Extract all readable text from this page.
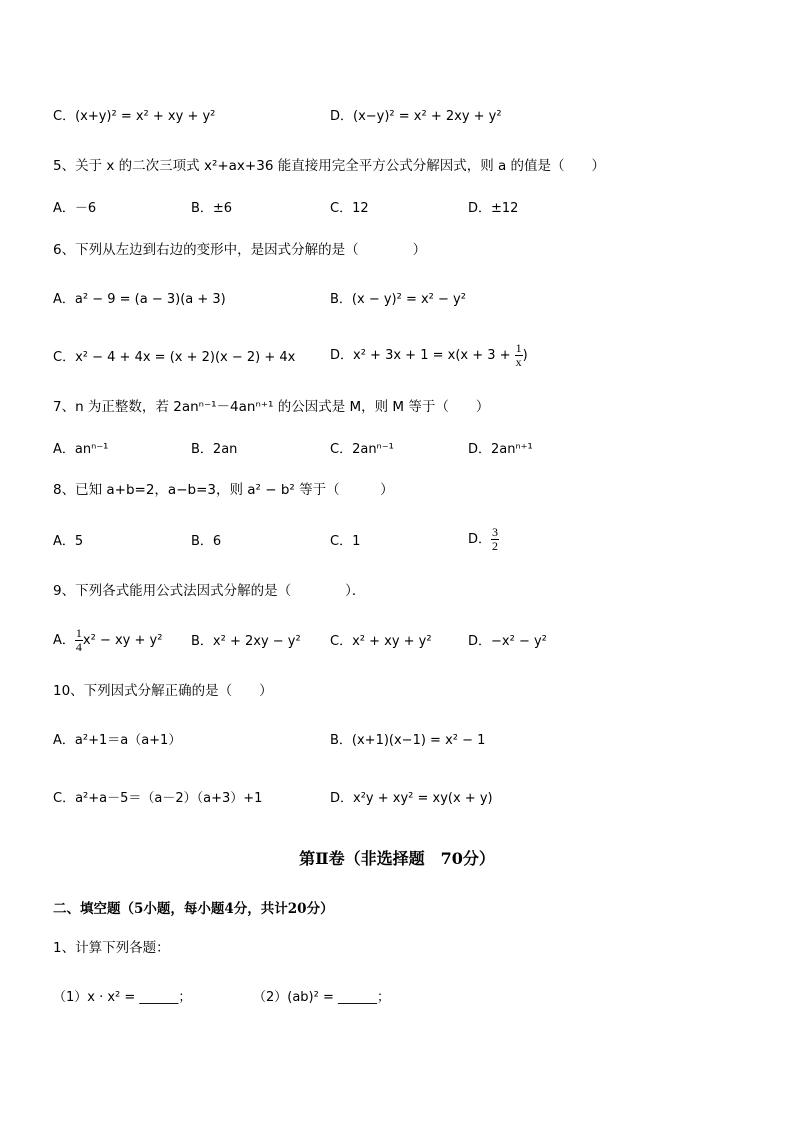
C．(x+y)² = x² + xy + y²	D．(x−y)² = x² + 2xy + y²
5、关于 x 的二次三项式 x²+ax+36 能直接用完全平方公式分解因式，则 a 的值是（　　）
A．－6	B．±6	C．12	D．±12
6、下列从左边到右边的变形中，是因式分解的是（　　　　）
A．a² − 9 = (a − 3)(a + 3)	B．(x − y)² = x² − y²
C．x² − 4 + 4x = (x + 2)(x − 2) + 4x	D．$x^2 + 3x + 1 = x(x + 3 + \frac{1}{x}$ )
7、n 为正整数，若 2anⁿ⁻¹－4anⁿ⁺¹ 的公因式是 M，则 M 等于（　　）
A．anⁿ⁻¹	B．2an	C．2anⁿ⁻¹	D．2anⁿ⁺¹
8、已知 a+b=2，a−b=3，则 a² − b² 等于（　　　）
A．5	B．6	C．1	D． $\frac{3}{2}$
9、下列各式能用公式法因式分解的是（　　　　）．
A． $\frac{1}{4} x^2$ − xy + y² B．x² + 2xy − y² C．x² + xy + y²	D．−x² − y²
10、下列因式分解正确的是（　　）
A．a²+1＝a（a+1）	B．(x+1)(x−1) = x² − 1
C．a²+a－5＝（a－2）（a+3）+1	D．x²y + xy² = xy(x + y)
第Ⅱ卷（非选择题　70分）
二、填空题（5小题，每小题4分，共计20分）
1、计算下列各题：
（1）x · x² = ______；	（2）(ab)² = ______；
